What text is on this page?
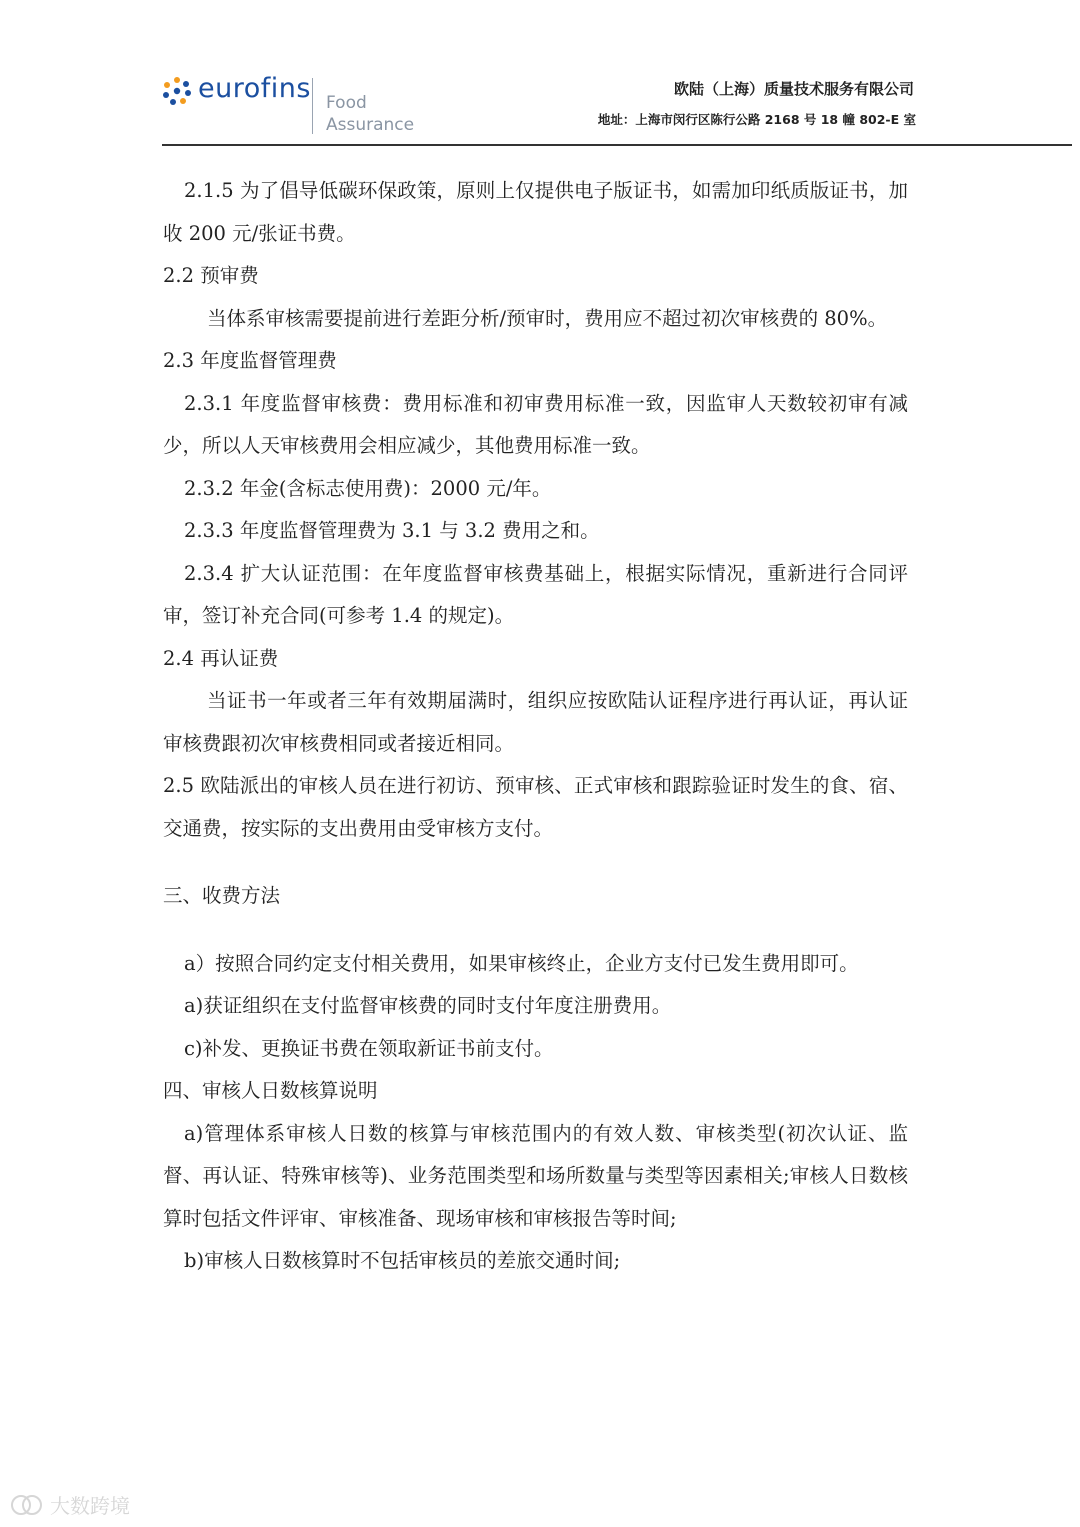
eurofins Food
Assurance
欧陆（上海）质量技术服务有限公司
地址：上海市闵行区陈行公路 2168 号 18 幢 802-E 室

2.1.5 为了倡导低碳环保政策，原则上仅提供电子版证书，如需加印纸质版证书，加收 200 元/张证书费。

2.2 预审费

当体系审核需要提前进行差距分析/预审时，费用应不超过初次审核费的 80%。

2.3 年度监督管理费

2.3.1 年度监督审核费：费用标准和初审费用标准一致，因监审人天数较初审有减少，所以人天审核费用会相应减少，其他费用标准一致。

2.3.2 年金(含标志使用费)：2000 元/年。

2.3.3 年度监督管理费为 3.1 与 3.2 费用之和。

2.3.4 扩大认证范围：在年度监督审核费基础上，根据实际情况，重新进行合同评审，签订补充合同(可参考 1.4 的规定)。

2.4 再认证费

当证书一年或者三年有效期届满时，组织应按欧陆认证程序进行再认证，再认证审核费跟初次审核费相同或者接近相同。

2.5 欧陆派出的审核人员在进行初访、预审核、正式审核和跟踪验证时发生的食、宿、交通费，按实际的支出费用由受审核方支付。

三、收费方法

a）按照合同约定支付相关费用，如果审核终止，企业方支付已发生费用即可。

a)获证组织在支付监督审核费的同时支付年度注册费用。

c)补发、更换证书费在领取新证书前支付。

四、审核人日数核算说明

a)管理体系审核人日数的核算与审核范围内的有效人数、审核类型(初次认证、监督、再认证、特殊审核等)、业务范围类型和场所数量与类型等因素相关;审核人日数核算时包括文件评审、审核准备、现场审核和审核报告等时间;

b)审核人日数核算时不包括审核员的差旅交通时间;

大数跨境
